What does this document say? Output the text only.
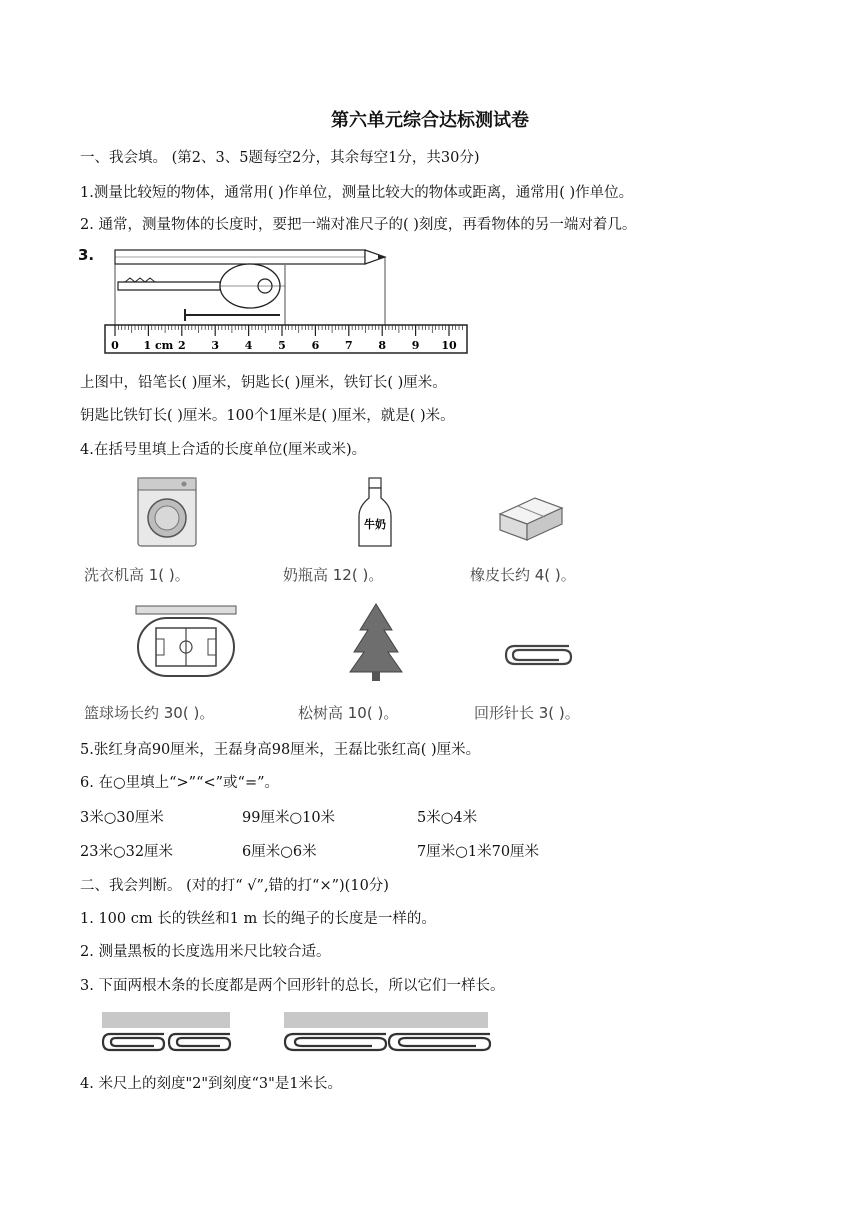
第六单元综合达标测试卷
一、我会填。 (第2、3、5题每空2分，其余每空1分，共30分)
1.测量比较短的物体，通常用( )作单位，测量比较大的物体或距离，通常用( )作单位。
2. 通常，测量物体的长度时，要把一端对准尺子的( )刻度，再看物体的另一端对着几。
3.
0 1 cm 2 3 4 5 6 7 8 9 10
上图中，铅笔长( )厘米，钥匙长( )厘米，铁钉长( )厘米。
钥匙比铁钉长( )厘米。100个1厘米是( )厘米，就是( )米。
4.在括号里填上合适的长度单位(厘米或米)。
牛奶
洗衣机高 1( )。	奶瓶高 12( )。	橡皮长约 4( )。
篮球场长约 30( )。	松树高 10( )。	回形针长 3( )。
5.张红身高90厘米，王磊身高98厘米，王磊比张红高( )厘米。
6. 在○里填上“>”“<”或“=”。
3米○30厘米	99厘米○10米	5米○4米
23米○32厘米	6厘米○6米	7厘米○1米70厘米
二、我会判断。 (对的打“ √”,错的打“×”)(10分)
1. 100 cm 长的铁丝和1 m 长的绳子的长度是一样的。
2. 测量黑板的长度选用米尺比较合适。
3. 下面两根木条的长度都是两个回形针的总长，所以它们一样长。
4. 米尺上的刻度"2"到刻度“3"是1米长。
